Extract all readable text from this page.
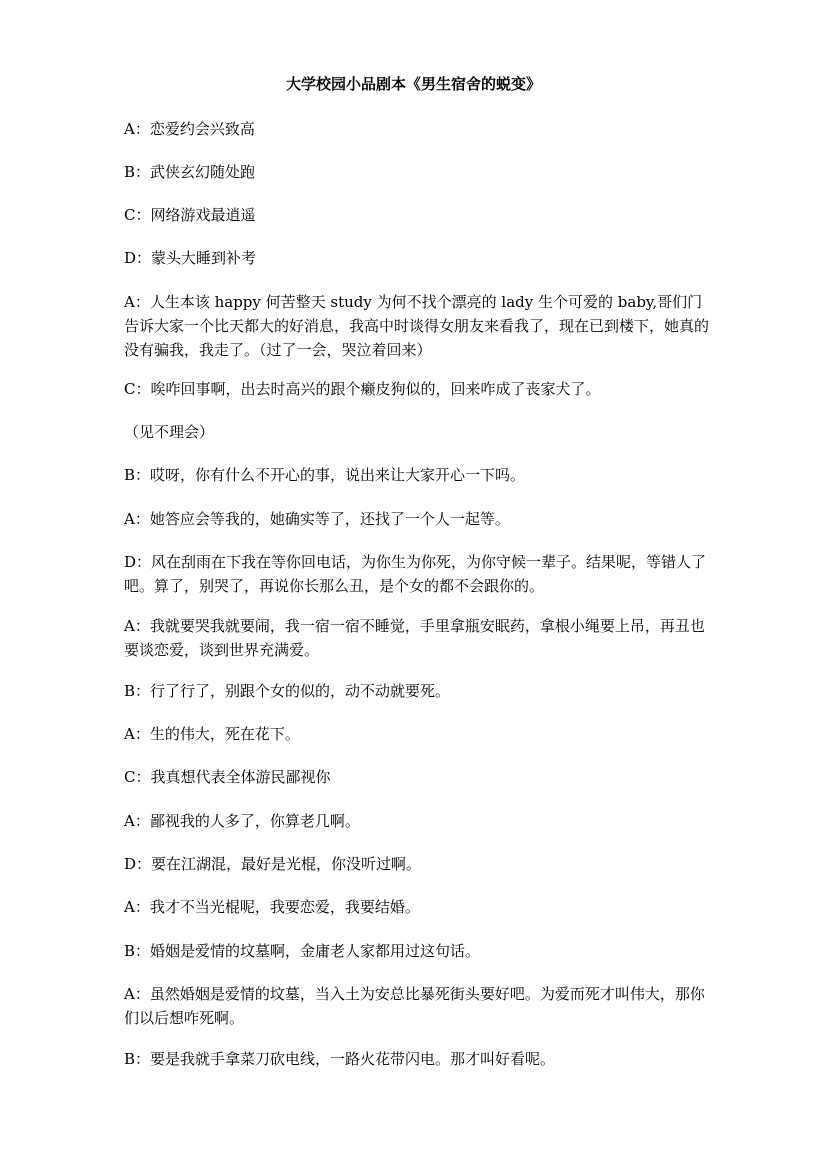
大学校园小品剧本《男生宿舍的蜕变》

A：恋爱约会兴致高

B：武侠玄幻随处跑

C：网络游戏最逍遥

D：蒙头大睡到补考

A：人生本该 happy 何苦整天 study 为何不找个漂亮的 lady 生个可爱的 baby,哥们门告诉大家一个比天都大的好消息，我高中时谈得女朋友来看我了，现在已到楼下，她真的没有骗我，我走了。（过了一会，哭泣着回来）

C：唉咋回事啊，出去时高兴的跟个癞皮狗似的，回来咋成了丧家犬了。

（见不理会）

B：哎呀，你有什么不开心的事，说出来让大家开心一下吗。

A：她答应会等我的，她确实等了，还找了一个人一起等。

D：风在刮雨在下我在等你回电话，为你生为你死，为你守候一辈子。结果呢，等错人了吧。算了，别哭了，再说你长那么丑，是个女的都不会跟你的。

A：我就要哭我就要闹，我一宿一宿不睡觉，手里拿瓶安眠药，拿根小绳要上吊，再丑也要谈恋爱，谈到世界充满爱。

B：行了行了，别跟个女的似的，动不动就要死。

A：生的伟大，死在花下。

C：我真想代表全体游民鄙视你

A：鄙视我的人多了，你算老几啊。

D：要在江湖混，最好是光棍，你没听过啊。

A：我才不当光棍呢，我要恋爱，我要结婚。

B：婚姻是爱情的坟墓啊，金庸老人家都用过这句话。

A：虽然婚姻是爱情的坟墓，当入土为安总比暴死街头要好吧。为爱而死才叫伟大，那你们以后想咋死啊。

B：要是我就手拿菜刀砍电线，一路火花带闪电。那才叫好看呢。
